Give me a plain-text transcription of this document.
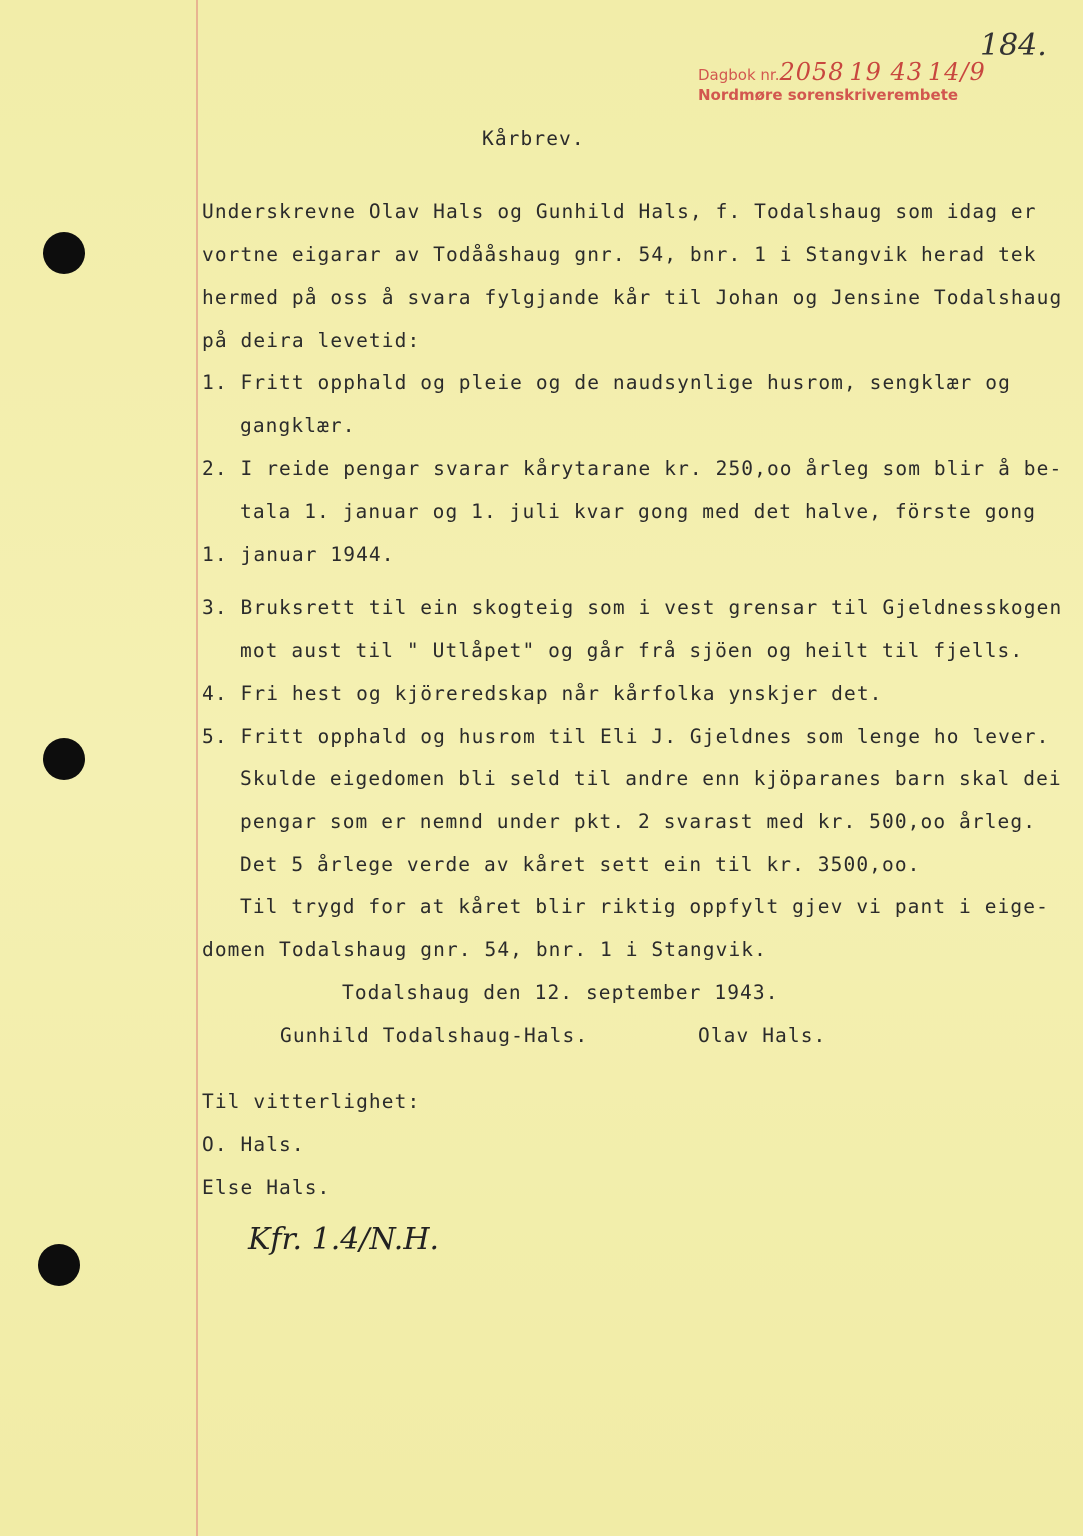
Dagbok nr.2058 19 43 14/9
Nordmøre sorenskriverembete
184.
Kårbrev.
Underskrevne Olav Hals og Gunhild Hals, f. Todalshaug som idag er
vortne eigarar av Todååshaug gnr. 54, bnr. 1 i Stangvik herad tek
hermed på oss å svara fylgjande kår til Johan og Jensine Todalshaug
på deira levetid:
1. Fritt opphald og pleie og de naudsynlige husrom, sengklær og
gangklær.
2. I reide pengar svarar kårytarane kr. 250,oo årleg som blir å be-
tala 1. januar og 1. juli kvar gong med det halve, förste gong
1. januar 1944.
3. Bruksrett til ein skogteig som i vest grensar til Gjeldnesskogen
mot aust til " Utlåpet" og går frå sjöen og heilt til fjells.
4. Fri hest og kjöreredskap når kårfolka ynskjer det.
5. Fritt opphald og husrom til Eli J. Gjeldnes som lenge ho lever.
Skulde eigedomen bli seld til andre enn kjöparanes barn skal dei
pengar som er nemnd under pkt. 2 svarast med kr. 500,oo årleg.
Det 5 årlege verde av kåret sett ein til kr. 3500,oo.
Til trygd for at kåret blir riktig oppfylt gjev vi pant i eige-
domen Todalshaug gnr. 54, bnr. 1 i Stangvik.
Todalshaug den 12. september 1943.
Gunhild Todalshaug-Hals.	Olav Hals.
Til vitterlighet:
O. Hals.
Else Hals.
Kfr. 1.4/N.H.
